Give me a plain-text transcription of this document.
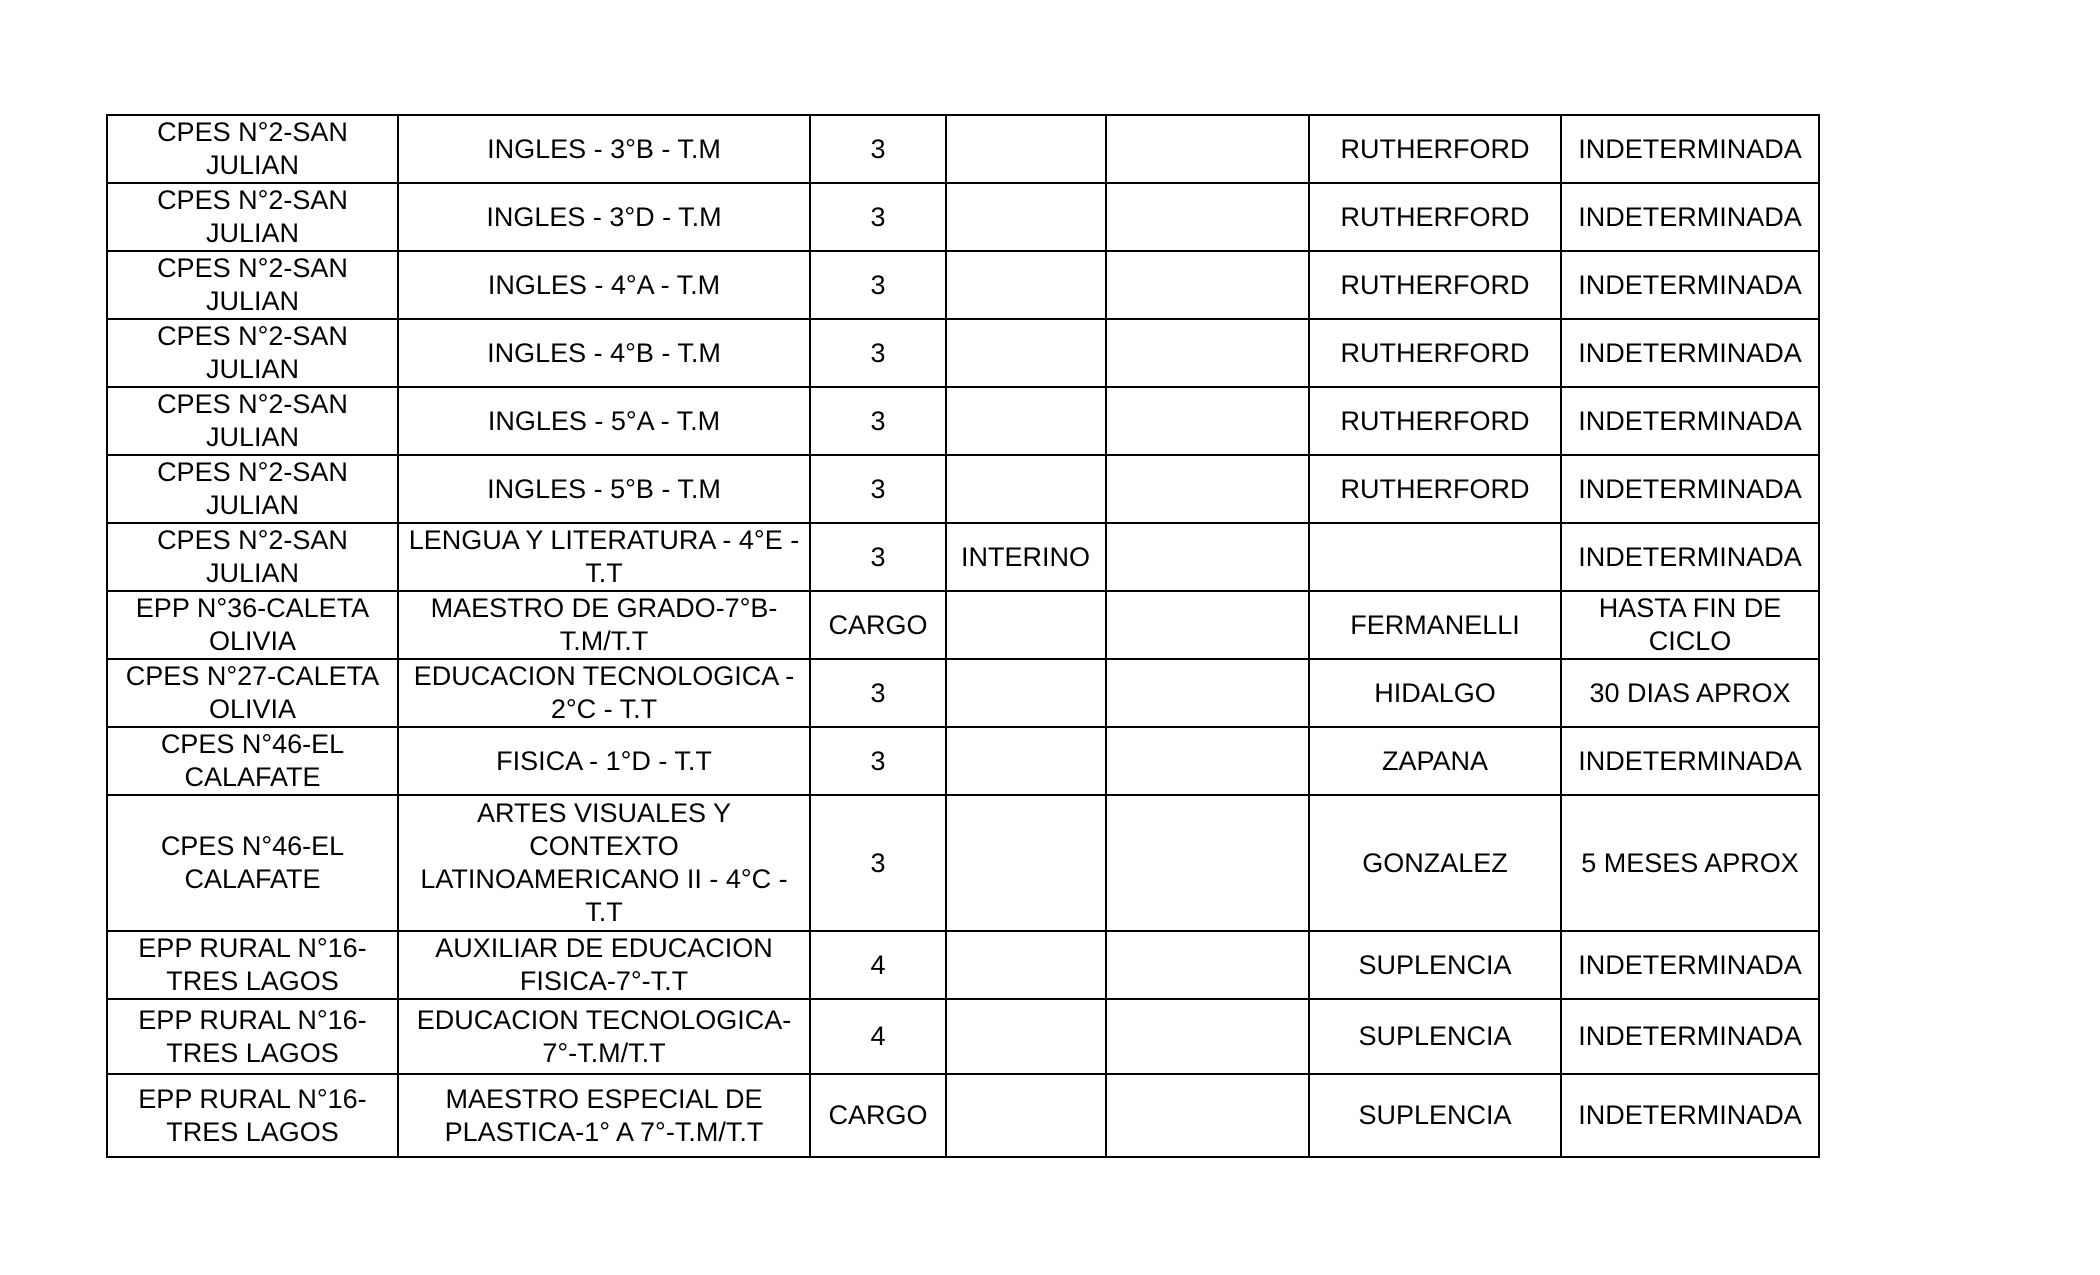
CPES N°2-SAN JULIAN	INGLES - 3°B - T.M	3			RUTHERFORD	INDETERMINADA
CPES N°2-SAN JULIAN	INGLES - 3°D - T.M	3			RUTHERFORD	INDETERMINADA
CPES N°2-SAN JULIAN	INGLES - 4°A - T.M	3			RUTHERFORD	INDETERMINADA
CPES N°2-SAN JULIAN	INGLES - 4°B - T.M	3			RUTHERFORD	INDETERMINADA
CPES N°2-SAN JULIAN	INGLES - 5°A - T.M	3			RUTHERFORD	INDETERMINADA
CPES N°2-SAN JULIAN	INGLES - 5°B - T.M	3			RUTHERFORD	INDETERMINADA
CPES N°2-SAN JULIAN	LENGUA Y LITERATURA - 4°E - T.T	3	INTERINO			INDETERMINADA
EPP N°36-CALETA OLIVIA	MAESTRO DE GRADO-7°B-T.M/T.T	CARGO			FERMANELLI	HASTA FIN DE CICLO
CPES N°27-CALETA OLIVIA	EDUCACION TECNOLOGICA - 2°C - T.T	3			HIDALGO	30 DIAS APROX
CPES N°46-EL CALAFATE	FISICA - 1°D - T.T	3			ZAPANA	INDETERMINADA
CPES N°46-EL CALAFATE	ARTES VISUALES Y CONTEXTO LATINOAMERICANO II - 4°C - T.T	3			GONZALEZ	5 MESES APROX
EPP RURAL N°16-TRES LAGOS	AUXILIAR DE EDUCACION FISICA-7°-T.T	4			SUPLENCIA	INDETERMINADA
EPP RURAL N°16-TRES LAGOS	EDUCACION TECNOLOGICA-7°-T.M/T.T	4			SUPLENCIA	INDETERMINADA
EPP RURAL N°16-TRES LAGOS	MAESTRO ESPECIAL DE PLASTICA-1° A 7°-T.M/T.T	CARGO			SUPLENCIA	INDETERMINADA
